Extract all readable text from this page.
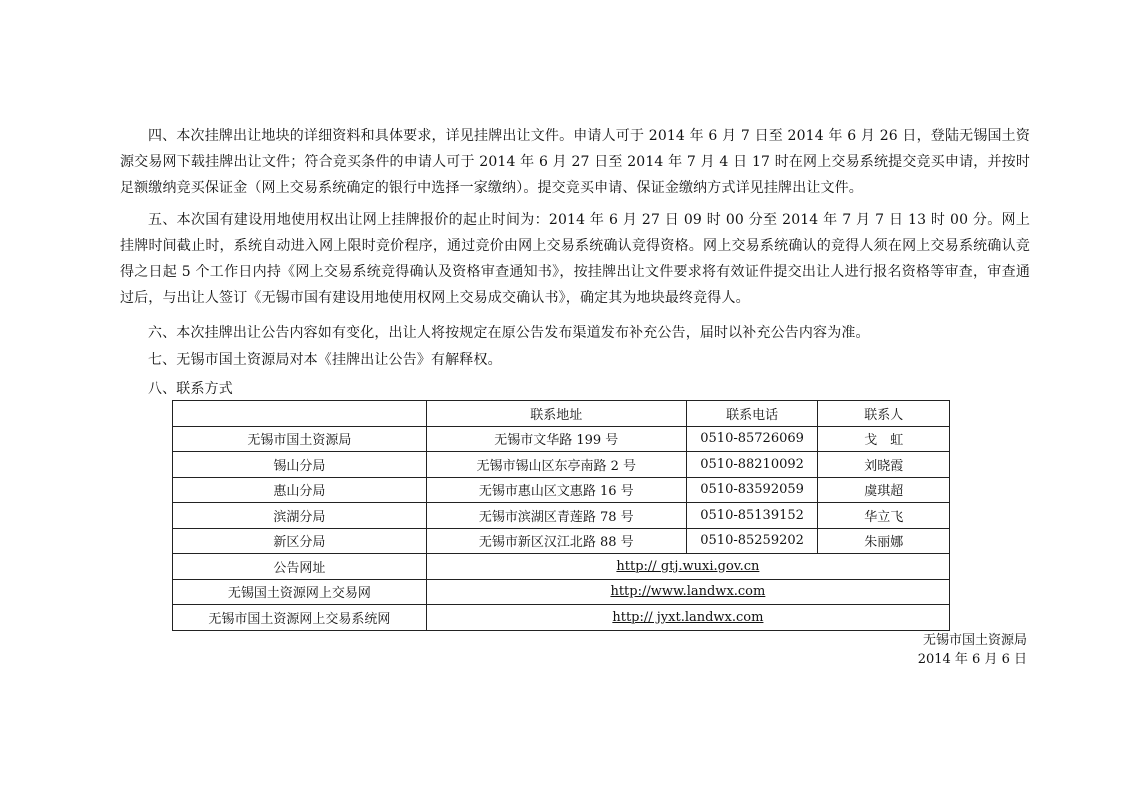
四、本次挂牌出让地块的详细资料和具体要求，详见挂牌出让文件。申请人可于 2014 年 6 月 7 日至 2014 年 6 月 26 日，登陆无锡国土资源交易网下载挂牌出让文件；符合竞买条件的申请人可于 2014 年 6 月 27 日至 2014 年 7 月 4 日 17 时在网上交易系统提交竞买申请，并按时足额缴纳竞买保证金（网上交易系统确定的银行中选择一家缴纳）。提交竞买申请、保证金缴纳方式详见挂牌出让文件。

五、本次国有建设用地使用权出让网上挂牌报价的起止时间为：2014 年 6 月 27 日 09 时 00 分至 2014 年 7 月 7 日 13 时 00 分。网上挂牌时间截止时，系统自动进入网上限时竞价程序，通过竞价由网上交易系统确认竞得资格。网上交易系统确认的竞得人须在网上交易系统确认竞得之日起 5 个工作日内持《网上交易系统竞得确认及资格审查通知书》，按挂牌出让文件要求将有效证件提交出让人进行报名资格等审查，审查通过后，与出让人签订《无锡市国有建设用地使用权网上交易成交确认书》，确定其为地块最终竞得人。

六、本次挂牌出让公告内容如有变化，出让人将按规定在原公告发布渠道发布补充公告，届时以补充公告内容为准。

七、无锡市国土资源局对本《挂牌出让公告》有解释权。

八、联系方式

	联系地址	联系电话	联系人
无锡市国土资源局	无锡市文华路 199 号	0510-85726069	戈　虹
锡山分局	无锡市锡山区东亭南路 2 号	0510-88210092	刘晓霞
惠山分局	无锡市惠山区文惠路 16 号	0510-83592059	虞琪超
滨湖分局	无锡市滨湖区青莲路 78 号	0510-85139152	华立飞
新区分局	无锡市新区汉江北路 88 号	0510-85259202	朱丽娜
公告网址	http:// gtj.wuxi.gov.cn		
无锡国土资源网上交易网	http://www.landwx.com		
无锡市国土资源网上交易系统网	http:// jyxt.landwx.com		
无锡市国土资源局
2014 年 6 月 6 日
